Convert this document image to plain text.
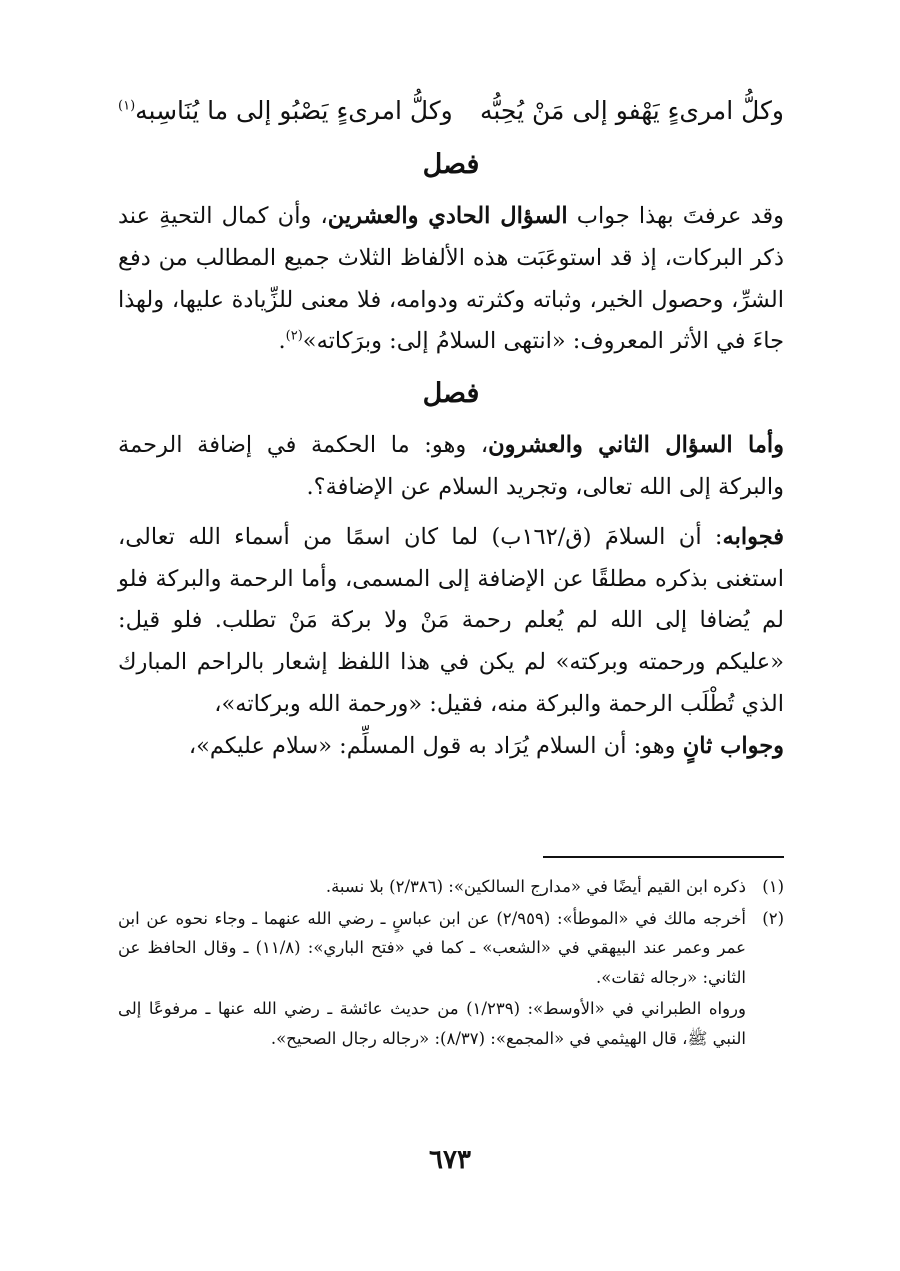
وكلُّ امرىءٍ يَهْفو إلى مَنْ يُحِبُّه
وكلُّ امرىءٍ يَصْبُو إلى ما يُنَاسِبه$^{(١)}$
فصل

وقد عرفتَ بهذا جواب السؤال الحادي والعشرين، وأن كمال التحيةِ عند ذكر البركات، إذ قد استوعَبَت هذه الألفاظ الثلاث جميع المطالب من دفع الشرِّ، وحصول الخير، وثباته وكثرته ودوامه، فلا معنى للزِّيادة عليها، ولهذا جاءَ في الأثر المعروف: «انتهى السلامُ إلى: وبرَكاته»$^{(٢)}$.

فصل

وأما السؤال الثاني والعشرون، وهو: ما الحكمة في إضافة الرحمة والبركة إلى الله تعالى، وتجريد السلام عن الإضافة؟.

فجوابه: أن السلامَ (ق/١٦٢ب) لما كان اسمًا من أسماء الله تعالى، استغنى بذكره مطلقًا عن الإضافة إلى المسمى، وأما الرحمة والبركة فلو لم يُضافا إلى الله لم يُعلم رحمة مَنْ ولا بركة مَنْ تطلب. فلو قيل: «عليكم ورحمته وبركته» لم يكن في هذا اللفظ إشعار بالراحم المبارك الذي تُطْلَب الرحمة والبركة منه، فقيل: «ورحمة الله وبركاته»،
وجواب ثانٍ وهو: أن السلام يُرَاد به قول المسلِّم: «سلام عليكم»،

(١)
ذكره ابن القيم أيضًا في «مدارج السالكين»: (٢/٣٨٦) بلا نسبة.
(٢)
أخرجه مالك في «الموطأ»: (٢/٩٥٩) عن ابن عباسٍ ـ رضي الله عنهما ـ وجاء نحوه عن ابن عمر وعمر عند البيهقي في «الشعب» ـ كما في «فتح الباري»: (١١/٨) ـ وقال الحافظ عن الثاني: «رجاله ثقات».
ورواه الطبراني في «الأوسط»: (١/٢٣٩) من حديث عائشة ـ رضي الله عنها ـ مرفوعًا إلى النبي ﷺ، قال الهيثمي في «المجمع»: (٨/٣٧): «رجاله رجال الصحيح».
٦٧٣
